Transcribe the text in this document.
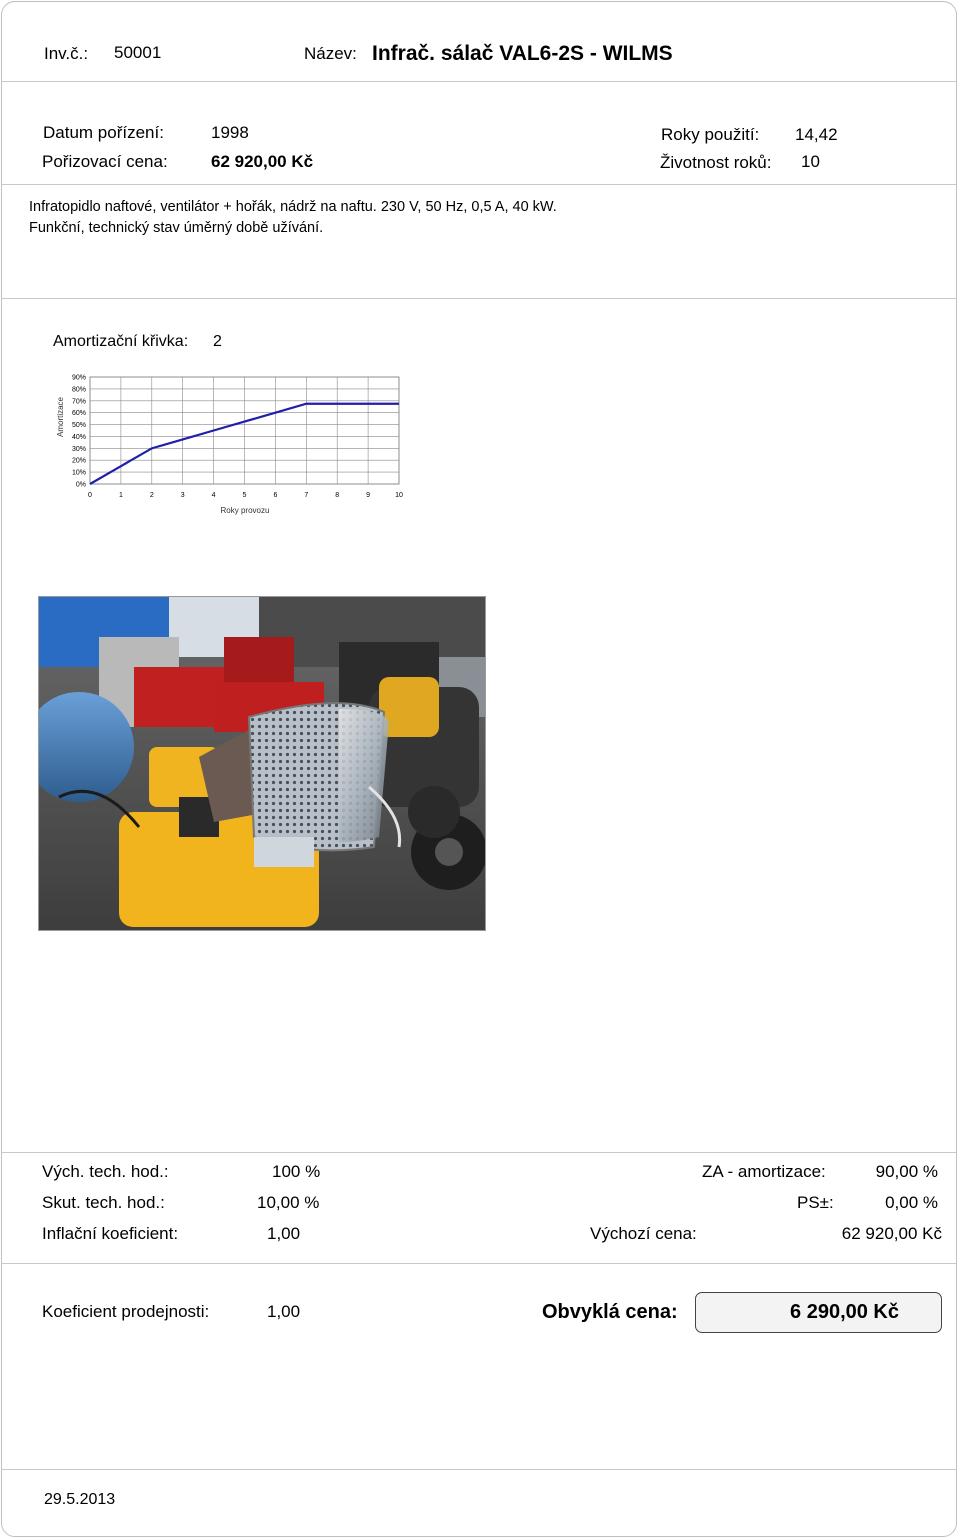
Inv.č.: 50001	Název: Infrač. sálač VAL6-2S - WILMS
Datum pořízení:	1998
Pořizovací cena:	62 920,00 Kč
Roky použití: 14,42
Životnost roků: 10
Infratopidlo naftové, ventilátor + hořák, nádrž na naftu. 230 V, 50 Hz, 0,5 A, 40 kW.
Funkční, technický stav úměrný době užívání.
Amortizační křivka: 2
0%
10%
20%
30%
40%
50%
60%
70%
80%
90%
0	1	2	3	4	5	6	7	8	9	10
Amortizace
Roky provozu
Vých. tech. hod.:	100 %
Skut. tech. hod.:	10,00 %
Inflační koeficient:	1,00
ZA - amortizace:	90,00 %
PS±:	0,00 %
Výchozí cena:	62 920,00 Kč
Koeficient prodejnosti:	1,00	Obvyklá cena:	6 290,00 Kč
29.5.2013
